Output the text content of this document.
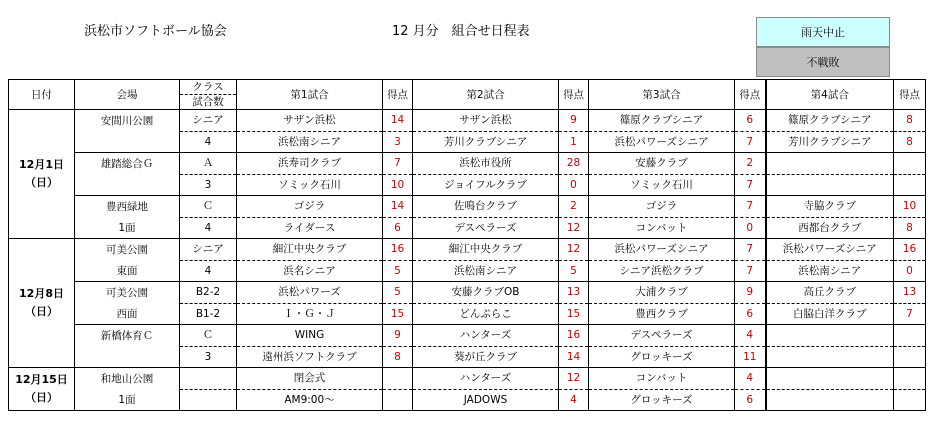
浜松市ソフトボール協会	12 月分　組合せ日程表	雨天中止
不戦敗
日付	会場	クラス
試合数	第1試合	得点	第2試合	得点	第3試合	得点	第4試合	得点

12月1日
（日）	安間川公園	シニア	サザン浜松	14	サザン浜松	9	篠原クラブシニア	6	篠原クラブシニア	8
		4	浜松南シニア	3	芳川クラブシニア	1	浜松パワーズシニア	7	芳川クラブシニア	8
	雄踏総合Ｇ	Ａ	浜寿司クラブ	7	浜松市役所	28	安藤クラブ	2		
		3	ソミック石川	10	ジョイフルクラブ	0	ソミック石川	7		
	豊西緑地	Ｃ	ゴジラ	14	佐鳴台クラブ	2	ゴジラ	7	寺脇クラブ	10
	1面	4	ライダース	6	デスペラーズ	12	コンバット	0	西都台クラブ	8

12月8日
（日）	可美公園	シニア	細江中央クラブ	16	細江中央クラブ	12	浜松パワーズシニア	7	浜松パワーズシニア	16
	東面	4	浜名シニア	5	浜松南シニア	5	シニア浜松クラブ	7	浜松南シニア	0
	可美公園	B2-2	浜松パワーズ	5	安藤クラブOB	13	大浦クラブ	9	高丘クラブ	13
	西面	B1-2	Ｉ・Ｇ・Ｊ	15	どんぶらこ	15	豊西クラブ	6	白脇白洋クラブ	7
	新橋体育Ｃ	Ｃ	WING	9	ハンターズ	16	デスペラーズ	4		
		3	遠州浜ソフトクラブ	8	葵が丘クラブ	14	グロッキーズ	11		

12月15日
（日）	和地山公園		閉会式		ハンターズ	12	コンバット	4		
	1面		AM9:00～		JADOWS	4	グロッキーズ	6		
